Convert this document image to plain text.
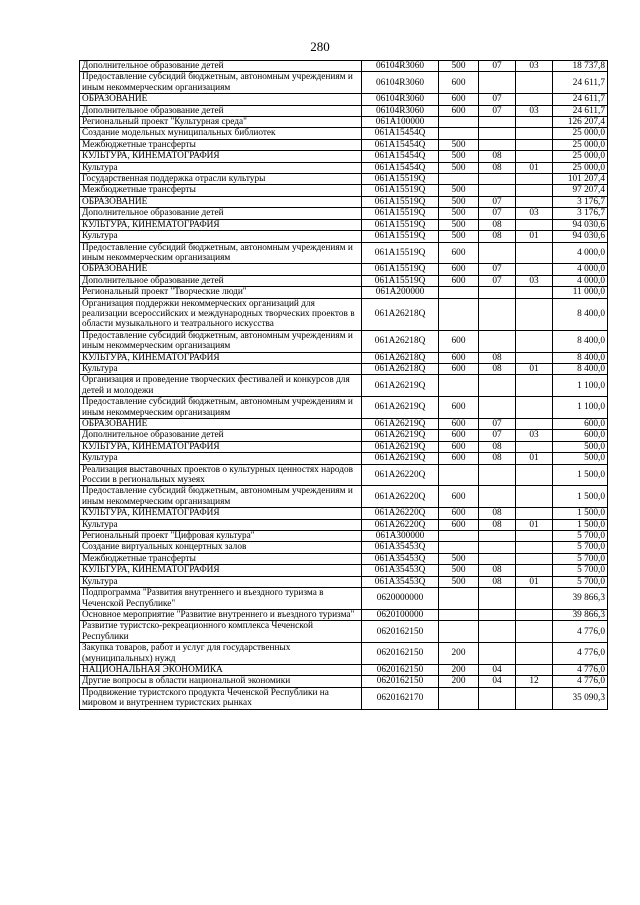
280
Дополнительное образование детей	06104R3060	500	07	03	18 737,8
Предоставление субсидий бюджетным, автономным учреждениям и иным некоммерческим организациям	06104R3060	600			24 611,7
ОБРАЗОВАНИЕ	06104R3060	600	07		24 611,7
Дополнительное образование детей	06104R3060	600	07	03	24 611,7
Региональный проект "Культурная среда"	061A100000				126 207,4
Создание модельных муниципальных библиотек	061A15454Q				25 000,0
Межбюджетные трансферты	061A15454Q	500			25 000,0
КУЛЬТУРА, КИНЕМАТОГРАФИЯ	061A15454Q	500	08		25 000,0
Культура	061A15454Q	500	08	01	25 000,0
Государственная поддержка отрасли культуры	061A15519Q				101 207,4
Межбюджетные трансферты	061A15519Q	500			97 207,4
ОБРАЗОВАНИЕ	061A15519Q	500	07		3 176,7
Дополнительное образование детей	061A15519Q	500	07	03	3 176,7
КУЛЬТУРА, КИНЕМАТОГРАФИЯ	061A15519Q	500	08		94 030,6
Культура	061A15519Q	500	08	01	94 030,6
Предоставление субсидий бюджетным, автономным учреждениям и иным некоммерческим организациям	061A15519Q	600			4 000,0
ОБРАЗОВАНИЕ	061A15519Q	600	07		4 000,0
Дополнительное образование детей	061A15519Q	600	07	03	4 000,0
Региональный проект "Творческие люди"	061A200000				11 000,0
Организация поддержки некоммерческих организаций для реализации всероссийских и международных творческих проектов в области музыкального и театрального искусства	061A26218Q				8 400,0
Предоставление субсидий бюджетным, автономным учреждениям и иным некоммерческим организациям	061A26218Q	600			8 400,0
КУЛЬТУРА, КИНЕМАТОГРАФИЯ	061A26218Q	600	08		8 400,0
Культура	061A26218Q	600	08	01	8 400,0
Организация и проведение творческих фестивалей и конкурсов для детей и молодежи	061A26219Q				1 100,0
Предоставление субсидий бюджетным, автономным учреждениям и иным некоммерческим организациям	061A26219Q	600			1 100,0
ОБРАЗОВАНИЕ	061A26219Q	600	07		600,0
Дополнительное образование детей	061A26219Q	600	07	03	600,0
КУЛЬТУРА, КИНЕМАТОГРАФИЯ	061A26219Q	600	08		500,0
Культура	061A26219Q	600	08	01	500,0
Реализация выставочных проектов о культурных ценностях народов России в региональных музеях	061A26220Q				1 500,0
Предоставление субсидий бюджетным, автономным учреждениям и иным некоммерческим организациям	061A26220Q	600			1 500,0
КУЛЬТУРА, КИНЕМАТОГРАФИЯ	061A26220Q	600	08		1 500,0
Культура	061A26220Q	600	08	01	1 500,0
Региональный проект "Цифровая культура"	061A300000				5 700,0
Создание виртуальных концертных залов	061A35453Q				5 700,0
Межбюджетные трансферты	061A35453Q	500			5 700,0
КУЛЬТУРА, КИНЕМАТОГРАФИЯ	061A35453Q	500	08		5 700,0
Культура	061A35453Q	500	08	01	5 700,0
Подпрограмма "Развития внутреннего и въездного туризма в Чеченской Республике"	0620000000				39 866,3
Основное мероприятие "Развитие внутреннего и въездного туризма"	0620100000				39 866,3
Развитие туристско-рекреационного комплекса Чеченской Республики	0620162150				4 776,0
Закупка товаров, работ и услуг для государственных (муниципальных) нужд	0620162150	200			4 776,0
НАЦИОНАЛЬНАЯ ЭКОНОМИКА	0620162150	200	04		4 776,0
Другие вопросы в области национальной экономики	0620162150	200	04	12	4 776,0
Продвижение туристского продукта Чеченской Республики на мировом и внутреннем туристских рынках	0620162170				35 090,3
